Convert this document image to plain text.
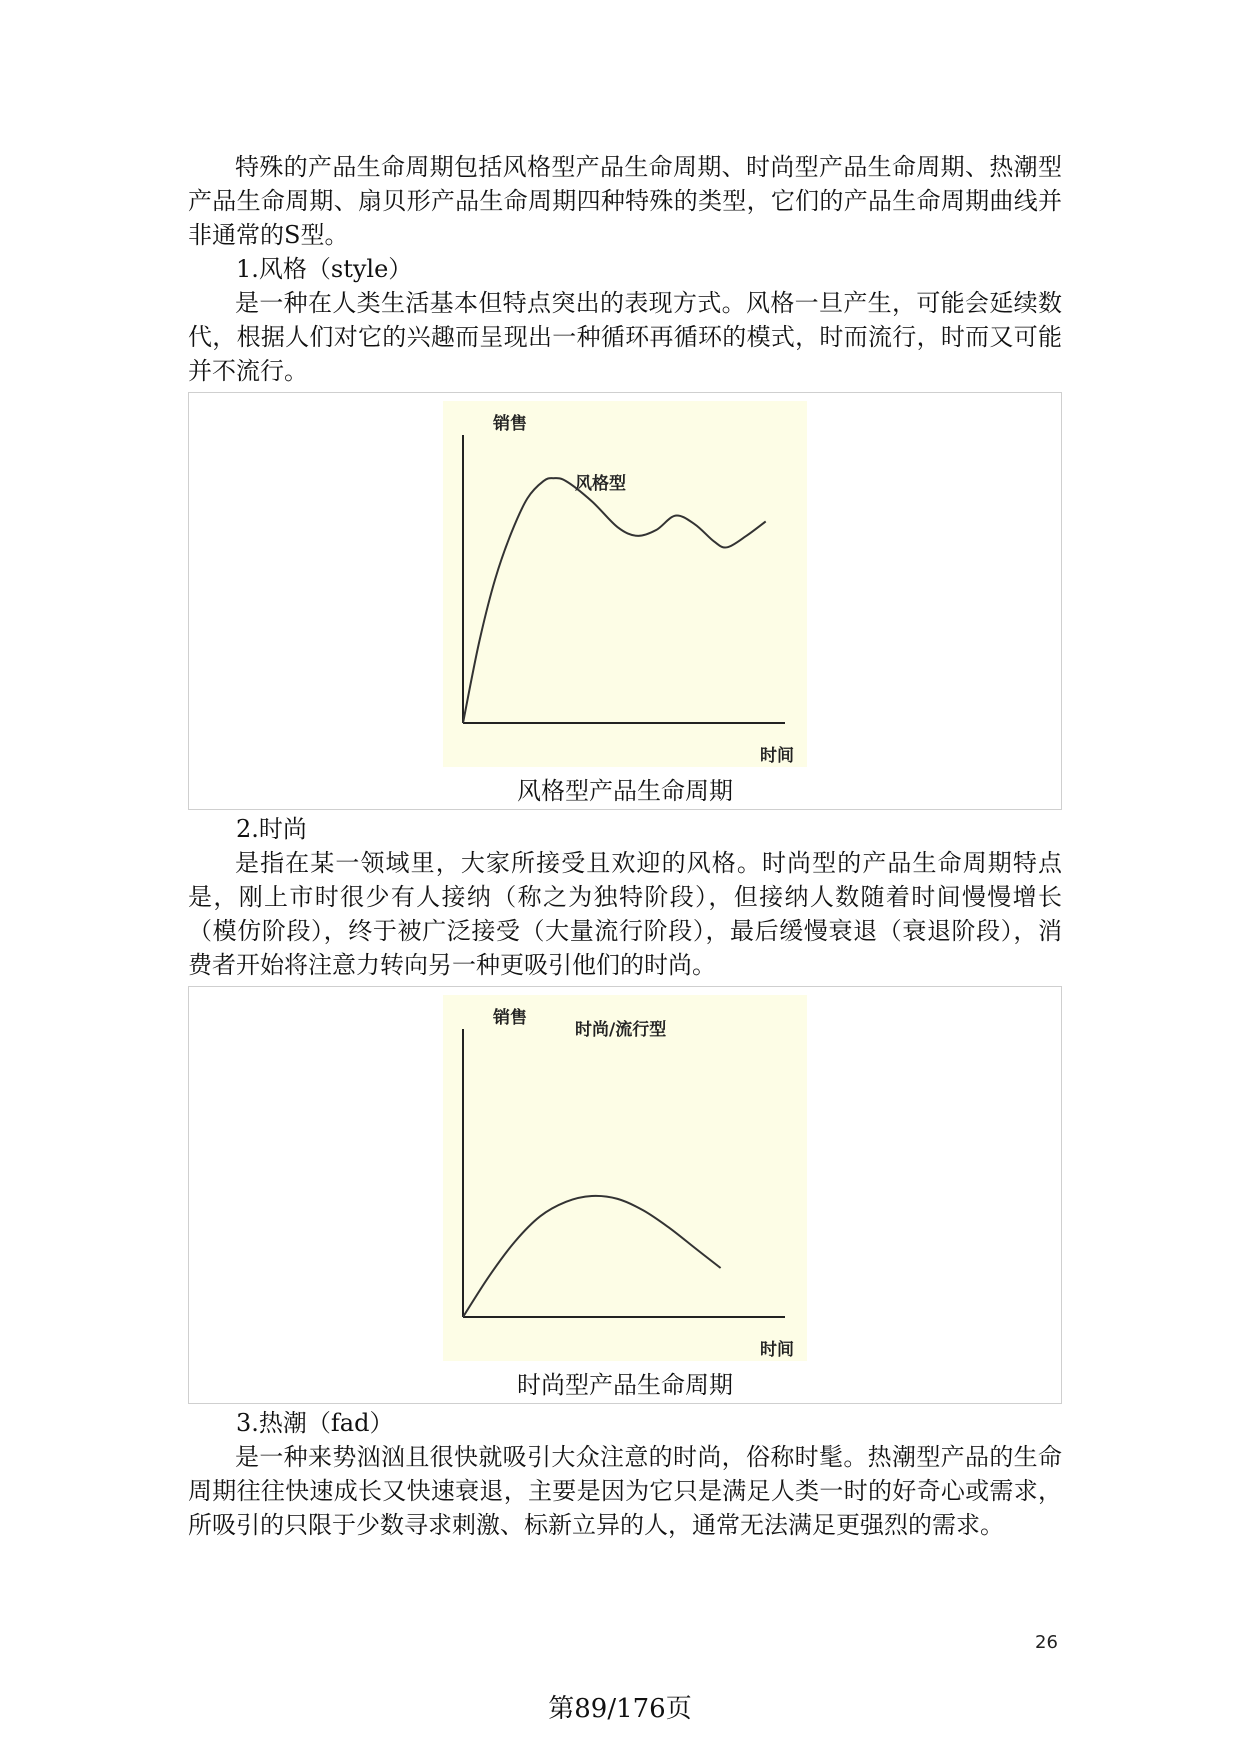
特殊的产品生命周期包括风格型产品生命周期、时尚型产品生命周期、热潮型产品生命周期、扇贝形产品生命周期四种特殊的类型，它们的产品生命周期曲线并非通常的S型。

1.风格（style）

是一种在人类生活基本但特点突出的表现方式。风格一旦产生，可能会延续数代，根据人们对它的兴趣而呈现出一种循环再循环的模式，时而流行，时而又可能并不流行。

销售
时间
风格型

风格型产品生命周期

2.时尚

是指在某一领域里，大家所接受且欢迎的风格。时尚型的产品生命周期特点是，刚上市时很少有人接纳（称之为独特阶段），但接纳人数随着时间慢慢增长（模仿阶段），终于被广泛接受（大量流行阶段），最后缓慢衰退（衰退阶段），消费者开始将注意力转向另一种更吸引他们的时尚。

销售
时间
时尚/流行型

时尚型产品生命周期

3.热潮（fad）

是一种来势汹汹且很快就吸引大众注意的时尚，俗称时髦。热潮型产品的生命周期往往快速成长又快速衰退，主要是因为它只是满足人类一时的好奇心或需求，所吸引的只限于少数寻求刺激、标新立异的人，通常无法满足更强烈的需求。

26
第89/176页
